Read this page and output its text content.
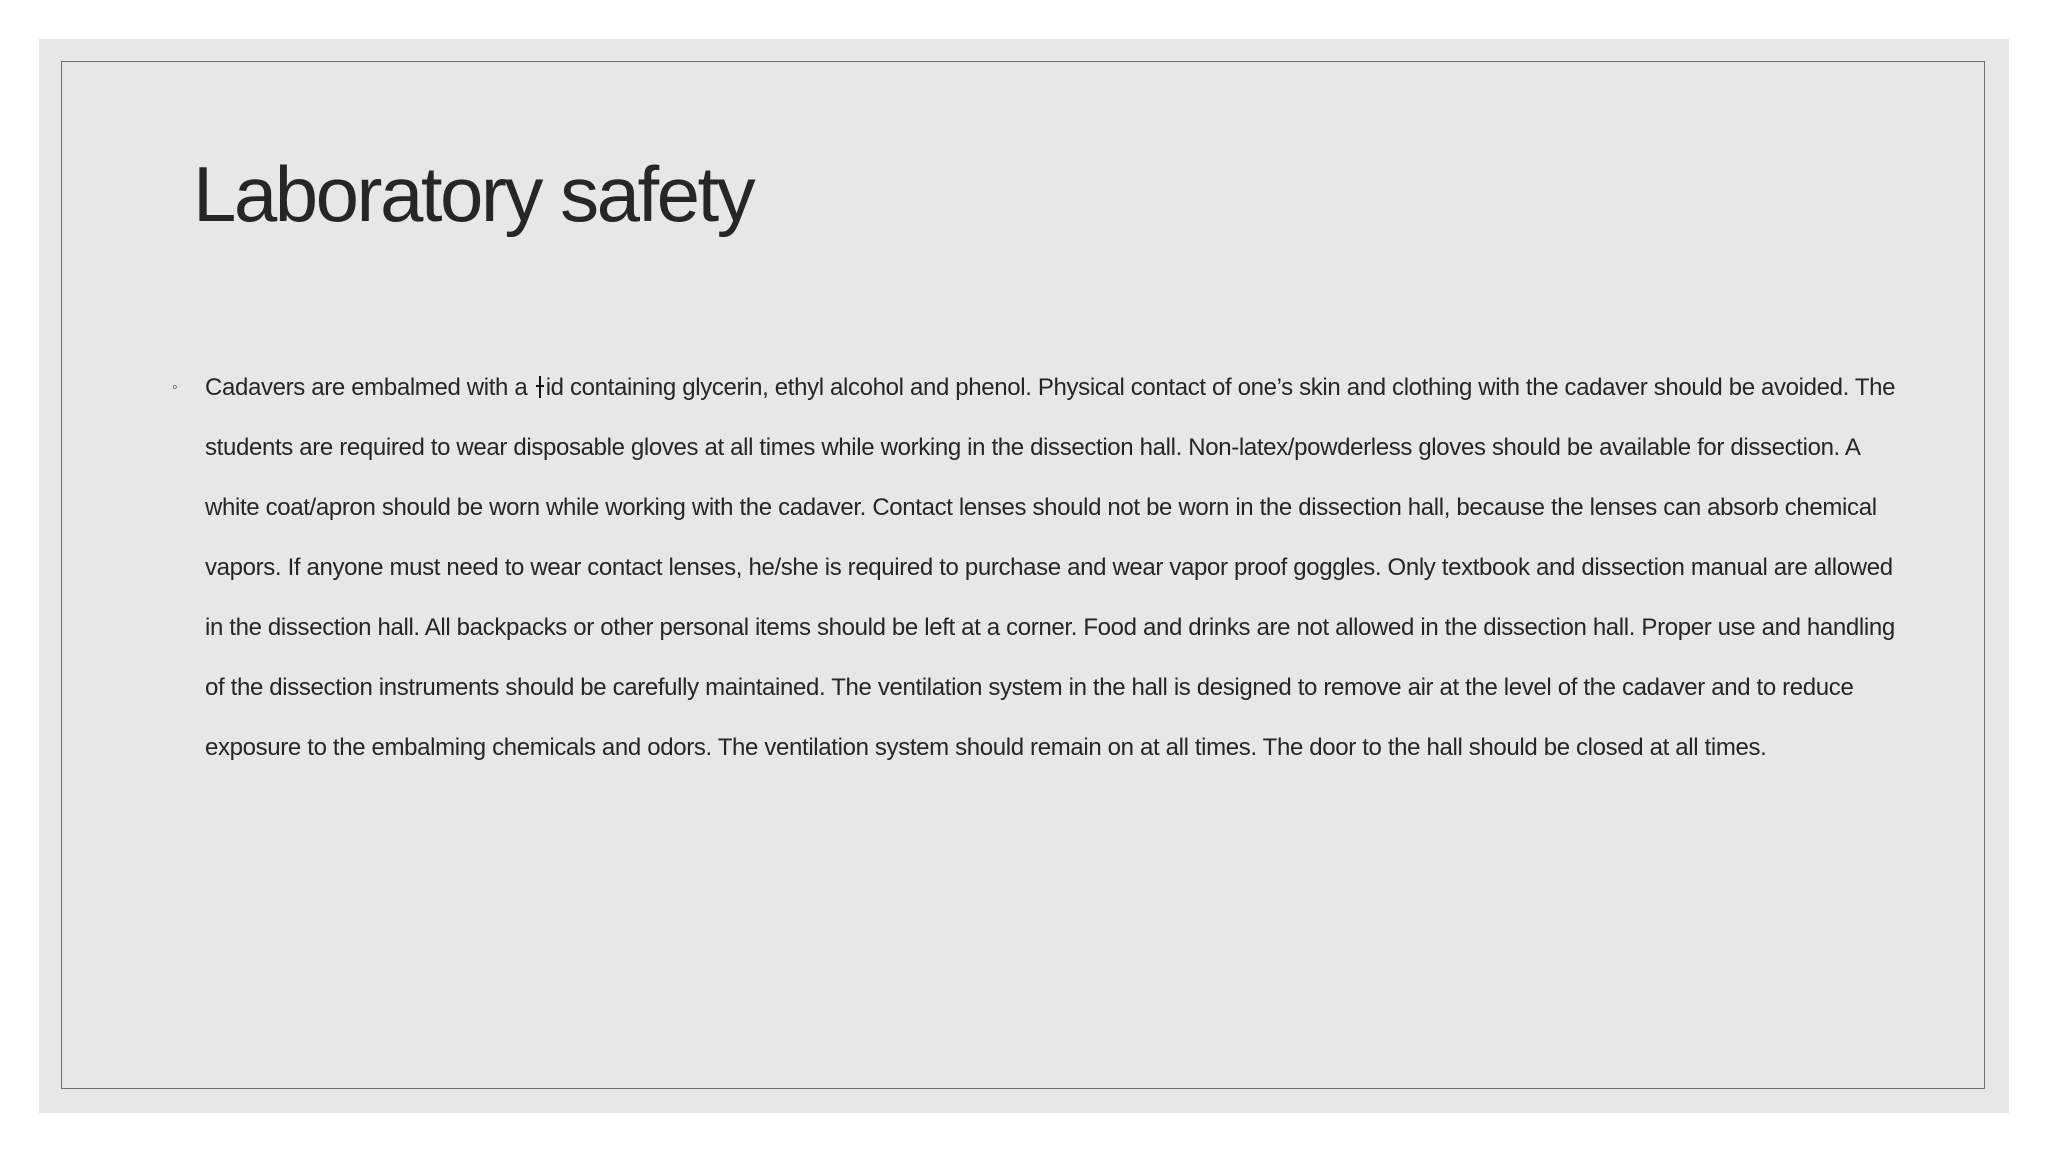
Laboratory safety
◦ Cadavers are embalmed with a id containing glycerin, ethyl alcohol and phenol. Physical contact of one’s skin and clothing with the cadaver should be avoided. The students are required to wear disposable gloves at all times while working in the dissection hall. Non-latex/powderless gloves should be available for dissection. A white coat/apron should be worn while working with the cadaver. Contact lenses should not be worn in the dissection hall, because the lenses can absorb chemical vapors. If anyone must need to wear contact lenses, he/she is required to purchase and wear vapor proof goggles. Only textbook and dissection manual are allowed in the dissection hall. All backpacks or other personal items should be left at a corner. Food and drinks are not allowed in the dissection hall. Proper use and handling of the dissection instruments should be carefully maintained. The ventilation system in the hall is designed to remove air at the level of the cadaver and to reduce exposure to the embalming chemicals and odors. The ventilation system should remain on at all times. The door to the hall should be closed at all times.
